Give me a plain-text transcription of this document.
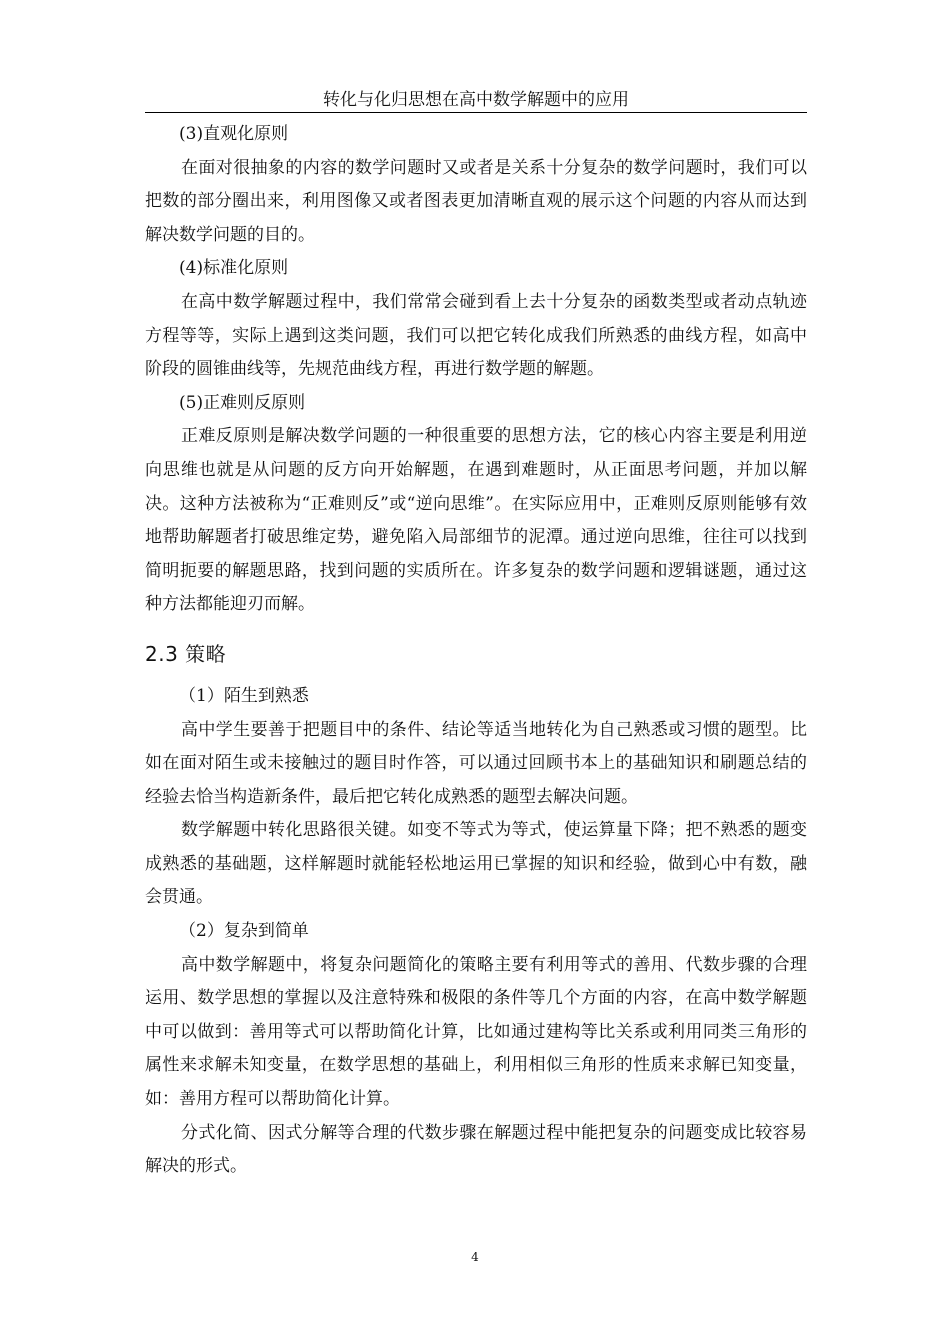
转化与化归思想在高中数学解题中的应用

(3)直观化原则

在面对很抽象的内容的数学问题时又或者是关系十分复杂的数学问题时，我们可以把数的部分圈出来，利用图像又或者图表更加清晰直观的展示这个问题的内容从而达到解决数学问题的目的。

(4)标准化原则

在高中数学解题过程中，我们常常会碰到看上去十分复杂的函数类型或者动点轨迹方程等等，实际上遇到这类问题，我们可以把它转化成我们所熟悉的曲线方程，如高中阶段的圆锥曲线等，先规范曲线方程，再进行数学题的解题。

(5)正难则反原则

正难反原则是解决数学问题的一种很重要的思想方法，它的核心内容主要是利用逆向思维也就是从问题的反方向开始解题，在遇到难题时，从正面思考问题，并加以解决。这种方法被称为“正难则反”或“逆向思维”。在实际应用中，正难则反原则能够有效地帮助解题者打破思维定势，避免陷入局部细节的泥潭。通过逆向思维，往往可以找到简明扼要的解题思路，找到问题的实质所在。许多复杂的数学问题和逻辑谜题，通过这种方法都能迎刃而解。

2.3 策略

（1）陌生到熟悉

高中学生要善于把题目中的条件、结论等适当地转化为自己熟悉或习惯的题型。比如在面对陌生或未接触过的题目时作答，可以通过回顾书本上的基础知识和刷题总结的经验去恰当构造新条件，最后把它转化成熟悉的题型去解决问题。

数学解题中转化思路很关键。如变不等式为等式，使运算量下降；把不熟悉的题变成熟悉的基础题，这样解题时就能轻松地运用已掌握的知识和经验，做到心中有数，融会贯通。

（2）复杂到简单

高中数学解题中，将复杂问题简化的策略主要有利用等式的善用、代数步骤的合理运用、数学思想的掌握以及注意特殊和极限的条件等几个方面的内容，在高中数学解题中可以做到：善用等式可以帮助简化计算，比如通过建构等比关系或利用同类三角形的属性来求解未知变量，在数学思想的基础上，利用相似三角形的性质来求解已知变量，如：善用方程可以帮助简化计算。

分式化简、因式分解等合理的代数步骤在解题过程中能把复杂的问题变成比较容易解决的形式。

4
